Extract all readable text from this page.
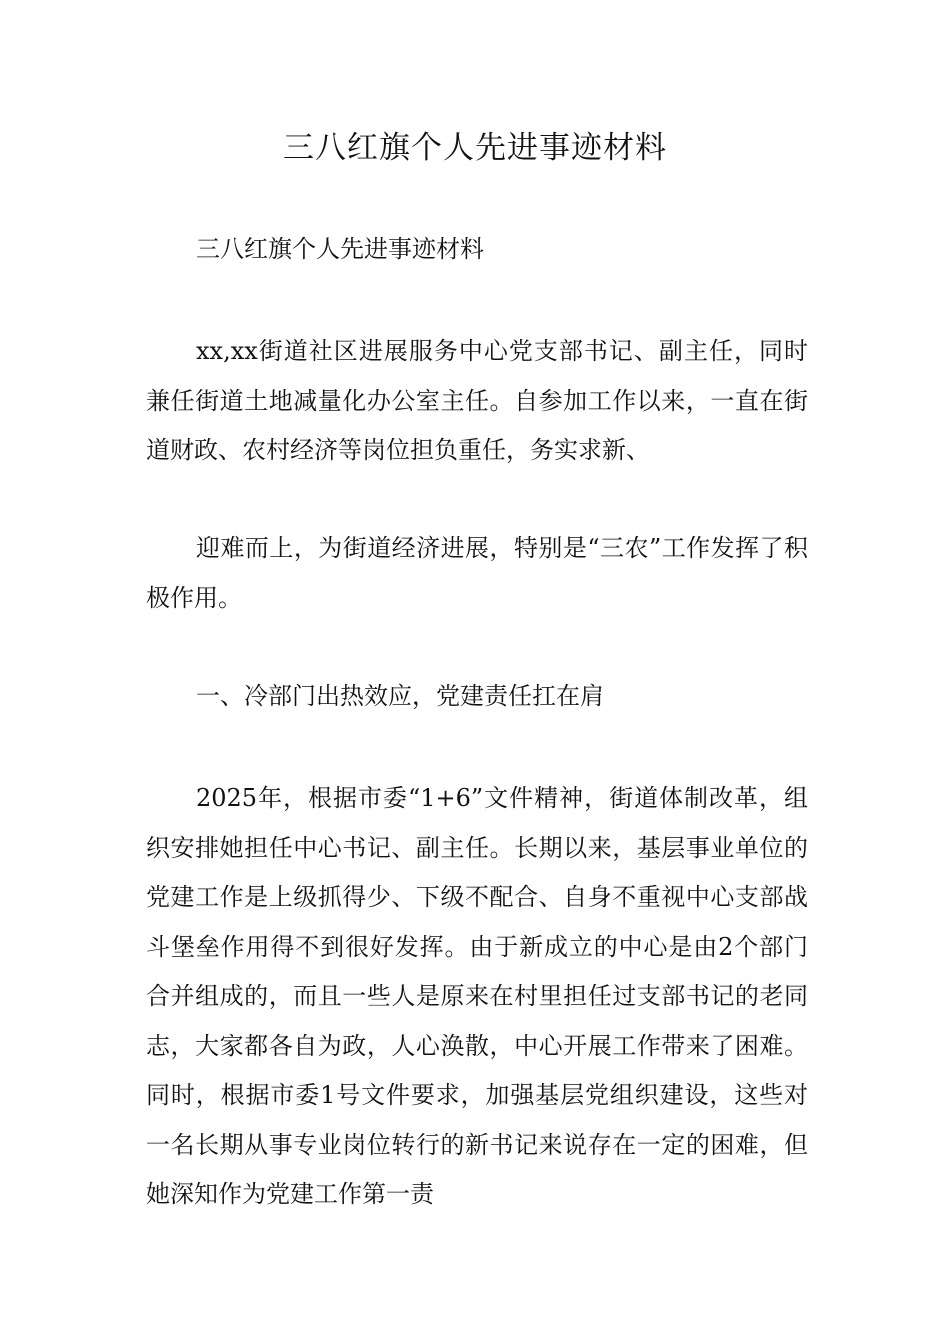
三八红旗个人先进事迹材料

三八红旗个人先进事迹材料

xx,xx街道社区进展服务中心党支部书记、副主任，同时兼任街道土地减量化办公室主任。自参加工作以来，一直在街道财政、农村经济等岗位担负重任，务实求新、

迎难而上，为街道经济进展，特别是“三农”工作发挥了积极作用。

一、冷部门出热效应，党建责任扛在肩

2025年，根据市委“1+6”文件精神，街道体制改革，组织安排她担任中心书记、副主任。长期以来，基层事业单位的党建工作是上级抓得少、下级不配合、自身不重视中心支部战斗堡垒作用得不到很好发挥。由于新成立的中心是由2个部门合并组成的，而且一些人是原来在村里担任过支部书记的老同志，大家都各自为政，人心涣散，中心开展工作带来了困难。同时，根据市委1号文件要求，加强基层党组织建设，这些对一名长期从事专业岗位转行的新书记来说存在一定的困难，但她深知作为党建工作第一责
